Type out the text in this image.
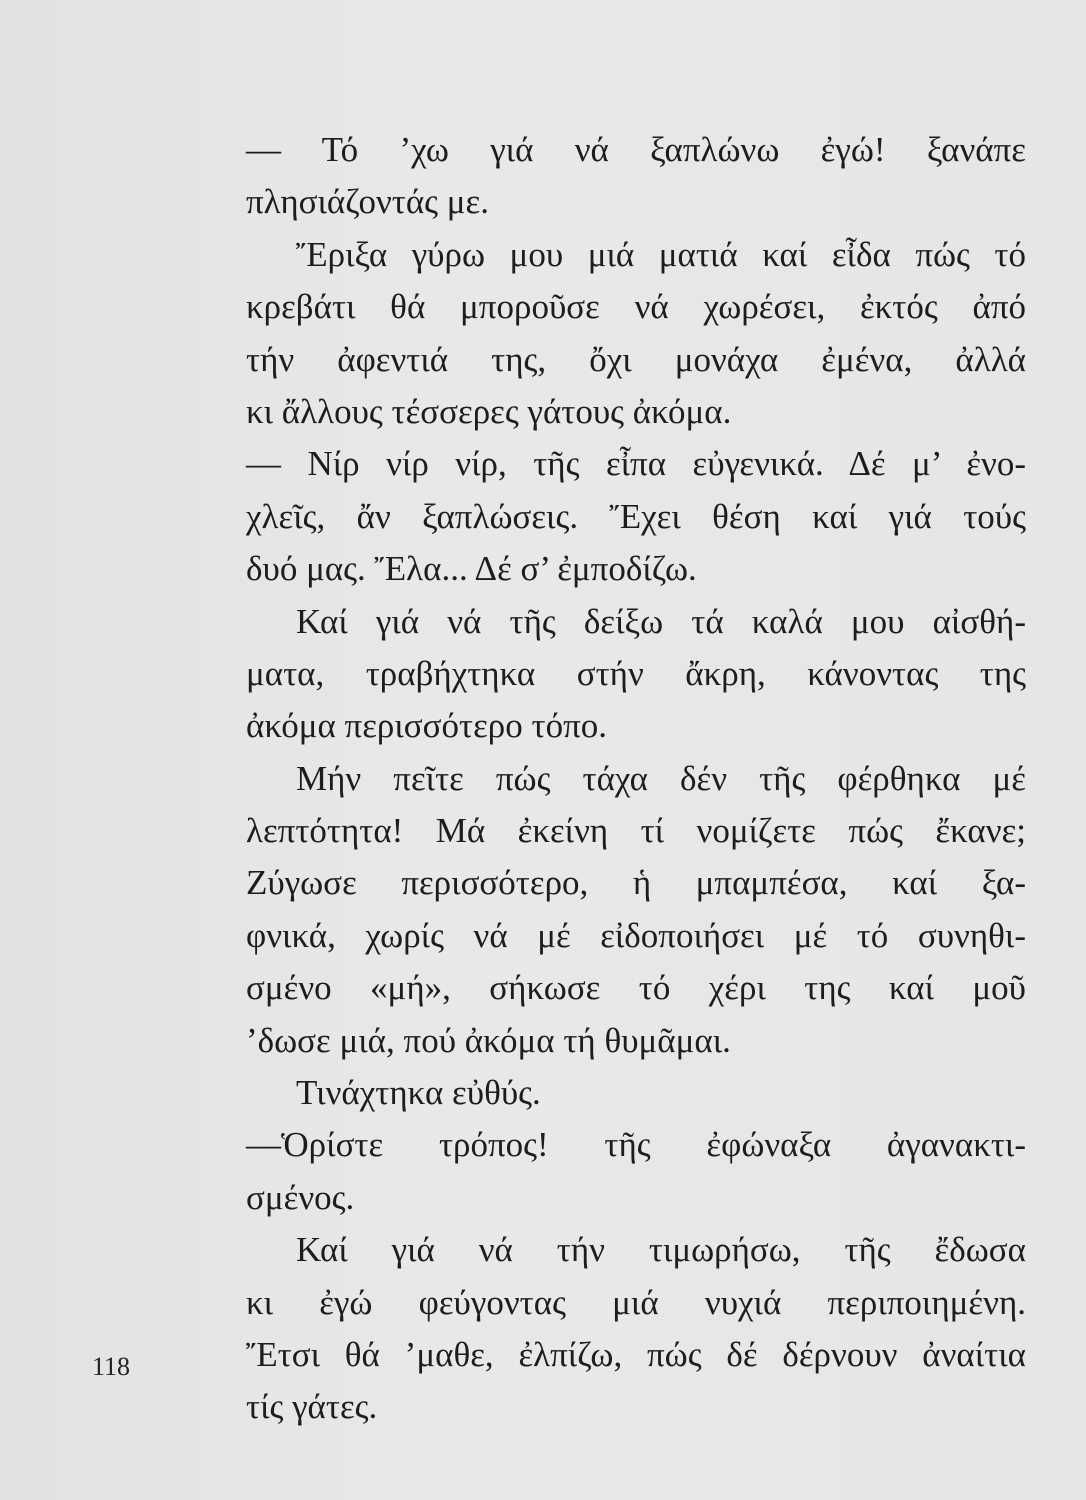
— Τό ’χω γιά νά ξαπλώνω ἐγώ! ξανάπε
πλησιάζοντάς με.
Ἔριξα γύρω μου μιά ματιά καί εἶδα πώς τό
κρεβάτι θά μποροῦσε νά χωρέσει, ἐκτός ἀπό
τήν ἀφεντιά της, ὄχι μονάχα ἐμένα, ἀλλά
κι ἄλλους τέσσερες γάτους ἀκόμα.
— Νίρ νίρ νίρ, τῆς εἶπα εὐγενικά. Δέ μ’ ἐνο-
χλεῖς, ἄν ξαπλώσεις. Ἔχει θέση καί γιά τούς
δυό μας. Ἔλα... Δέ σ’ ἐμποδίζω.
Καί γιά νά τῆς δείξω τά καλά μου αἰσθή-
ματα, τραβήχτηκα στήν ἄκρη, κάνοντας της
ἀκόμα περισσότερο τόπο.
Μήν πεῖτε πώς τάχα δέν τῆς φέρθηκα μέ
λεπτότητα! Μά ἐκείνη τί νομίζετε πώς ἔκανε;
Ζύγωσε περισσότερο, ἡ μπαμπέσα, καί ξα-
φνικά, χωρίς νά μέ εἰδοποιήσει μέ τό συνηθι-
σμένο «μή», σήκωσε τό χέρι της καί μοῦ
’δωσε μιά, πού ἀκόμα τή θυμᾶμαι.
Τινάχτηκα εὐθύς.
—Ὁρίστε τρόπος! τῆς ἐφώναξα ἀγανακτι-
σμένος.
Καί γιά νά τήν τιμωρήσω, τῆς ἔδωσα
κι ἐγώ φεύγοντας μιά νυχιά περιποιημένη.
Ἔτσι θά ’μαθε, ἐλπίζω, πώς δέ δέρνουν ἀναίτια
τίς γάτες.
118
